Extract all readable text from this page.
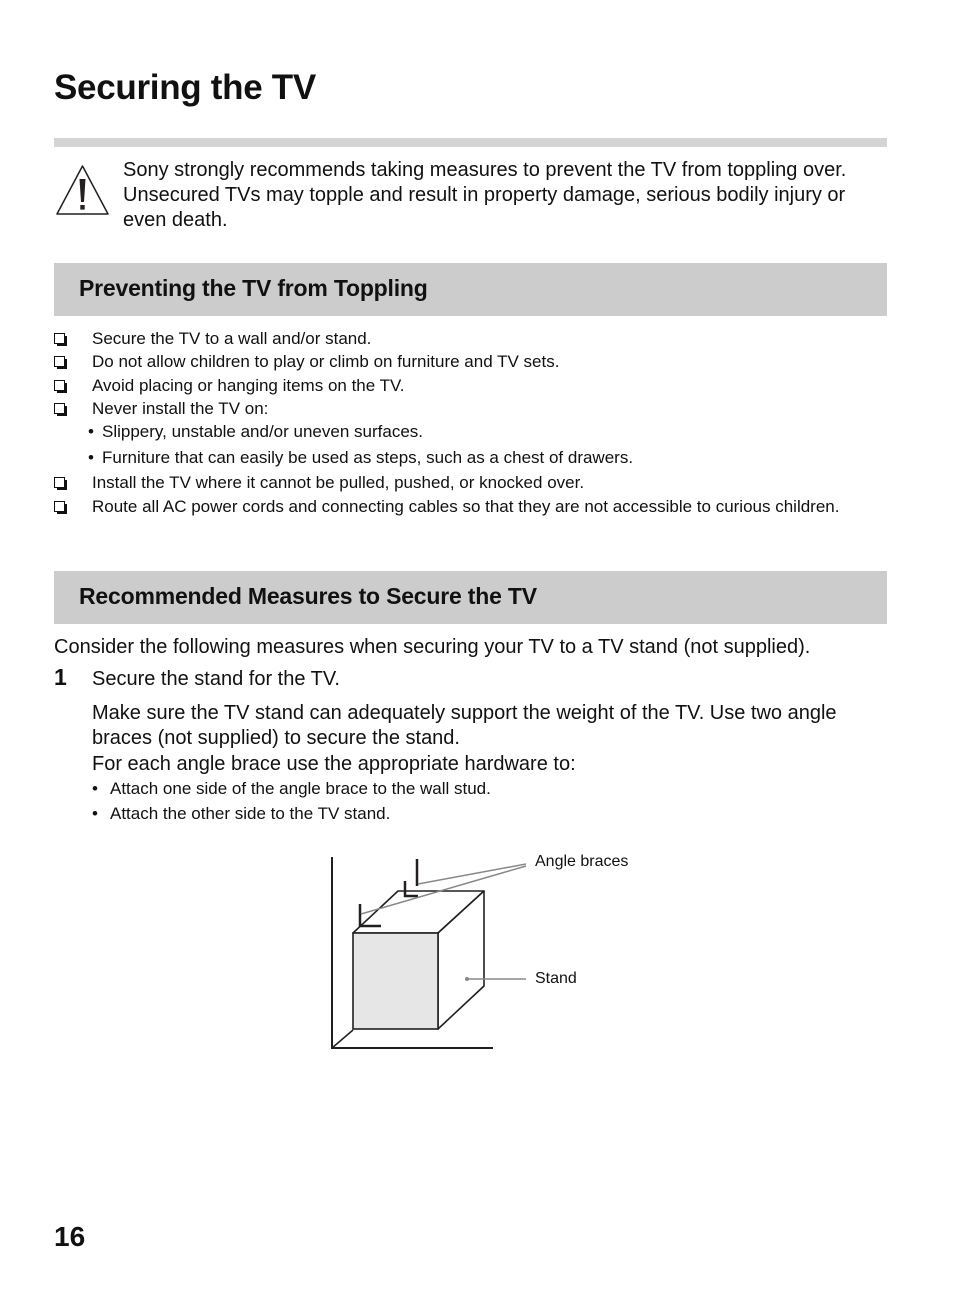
Securing the TV

Sony strongly recommends taking measures to prevent the TV from toppling over. Unsecured TVs may topple and result in property damage, serious bodily injury or even death.

Preventing the TV from Toppling
Secure the TV to a wall and/or stand.
Do not allow children to play or climb on furniture and TV sets.
Avoid placing or hanging items on the TV.
Never install the TV on:
• Slippery, unstable and/or uneven surfaces.
• Furniture that can easily be used as steps, such as a chest of drawers.
Install the TV where it cannot be pulled, pushed, or knocked over.
Route all AC power cords and connecting cables so that they are not accessible to curious children.
Recommended Measures to Secure the TV

Consider the following measures when securing your TV to a TV stand (not supplied).

1 Secure the stand for the TV.

Make sure the TV stand can adequately support the weight of the TV. Use two angle braces (not supplied) to secure the stand.

For each angle brace use the appropriate hardware to:

• Attach one side of the angle brace to the wall stud.
• Attach the other side to the TV stand.
Angle braces
Stand
16
